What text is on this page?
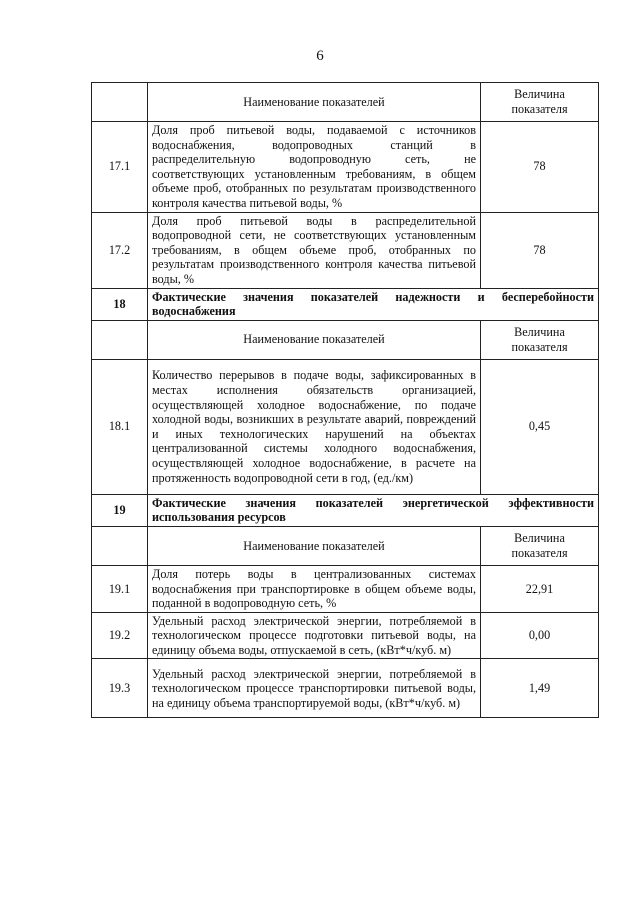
6
	Наименование показателей	Величина показателя
17.1	Доля проб питьевой воды, подаваемой с источников водоснабжения, водопроводных станций в распределительную водопроводную сеть, не соответствующих установленным требованиям, в общем объеме проб, отобранных по результатам производственного контроля качества питьевой воды, %	78
17.2	Доля проб питьевой воды в распределительной водопроводной сети, не соответствующих установленным требованиям, в общем объеме проб, отобранных по результатам производственного контроля качества питьевой воды, %	78
18	Фактические значения показателей надежности и бесперебойности водоснабжения	
	Наименование показателей	Величина показателя
18.1	Количество перерывов в подаче воды, зафиксированных в местах исполнения обязательств организацией, осуществляющей холодное водоснабжение, по подаче холодной воды, возникших в результате аварий, повреждений и иных технологических нарушений на объектах централизованной системы холодного водоснабжения, осуществляющей холодное водоснабжение, в расчете на протяженность водопроводной сети в год, (ед./км)	0,45
19	Фактические значения показателей энергетической эффективности использования ресурсов	
	Наименование показателей	Величина показателя
19.1	Доля потерь воды в централизованных системах водоснабжения при транспортировке в общем объеме воды, поданной в водопроводную сеть, %	22,91
19.2	Удельный расход электрической энергии, потребляемой в технологическом процессе подготовки питьевой воды, на единицу объема воды, отпускаемой в сеть, (кВт*ч/куб. м)	0,00
19.3	Удельный расход электрической энергии, потребляемой в технологическом процессе транспортировки питьевой воды, на единицу объема транспортируемой воды, (кВт*ч/куб. м)	1,49
